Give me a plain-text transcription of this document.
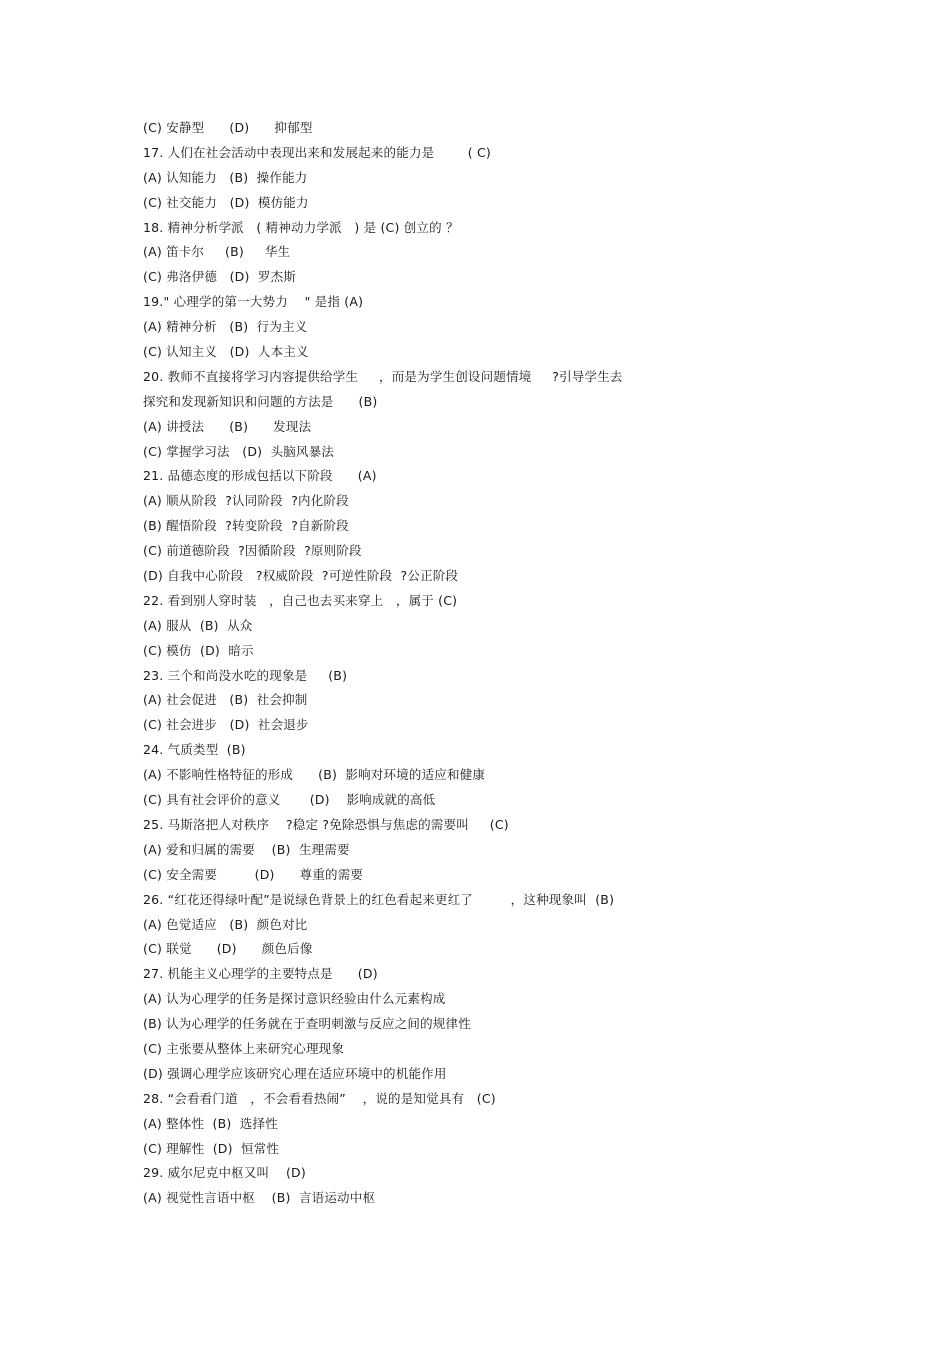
(C) 安静型      (D)      抑郁型
17. 人们在社会活动中表现出来和发展起来的能力是        ( C)
(A) 认知能力   (B)  操作能力
(C) 社交能力   (D)  模仿能力
18. 精神分析学派   ( 精神动力学派   ) 是 (C) 创立的 ？
(A) 笛卡尔     (B)     华生
(C) 弗洛伊德   (D)  罗杰斯
19." 心理学的第一大势力    " 是指 (A)
(A) 精神分析   (B)  行为主义
(C) 认知主义   (D)  人本主义
20. 教师不直接将学习内容提供给学生     ，而是为学生创设问题情境     ?引导学生去
探究和发现新知识和问题的方法是      (B)
(A) 讲授法      (B)      发现法
(C) 掌握学习法   (D)  头脑风暴法
21. 品德态度的形成包括以下阶段      (A)
(A) 顺从阶段  ?认同阶段  ?内化阶段
(B) 醒悟阶段  ?转变阶段  ?自新阶段
(C) 前道德阶段  ?因循阶段  ?原则阶段
(D) 自我中心阶段   ?权威阶段  ?可逆性阶段  ?公正阶段
22. 看到别人穿时装   ，自己也去买来穿上   ，属于 (C)
(A) 服从  (B)  从众
(C) 模仿  (D)  暗示
23. 三个和尚没水吃的现象是     (B)
(A) 社会促进   (B)  社会抑制
(C) 社会进步   (D)  社会退步
24. 气质类型  (B)
(A) 不影响性格特征的形成      (B)  影响对环境的适应和健康
(C) 具有社会评价的意义       (D)    影响成就的高低
25. 马斯洛把人对秩序    ?稳定 ?免除恐惧与焦虑的需要叫     (C)
(A) 爱和归属的需要    (B)  生理需要
(C) 安全需要         (D)      尊重的需要
26. “红花还得绿叶配”是说绿色背景上的红色看起来更红了         ，这种现象叫  (B)
(A) 色觉适应   (B)  颜色对比
(C) 联觉      (D)      颜色后像
27. 机能主义心理学的主要特点是      (D)
(A) 认为心理学的任务是探讨意识经验由什么元素构成
(B) 认为心理学的任务就在于查明刺激与反应之间的规律性
(C) 主张要从整体上来研究心理现象
(D) 强调心理学应该研究心理在适应环境中的机能作用
28. “会看看门道   ，不会看看热闹”    ，说的是知觉具有   (C)
(A) 整体性  (B)  选择性
(C) 理解性  (D)  恒常性
29. 威尔尼克中枢又叫    (D)
(A) 视觉性言语中枢    (B)  言语运动中枢
